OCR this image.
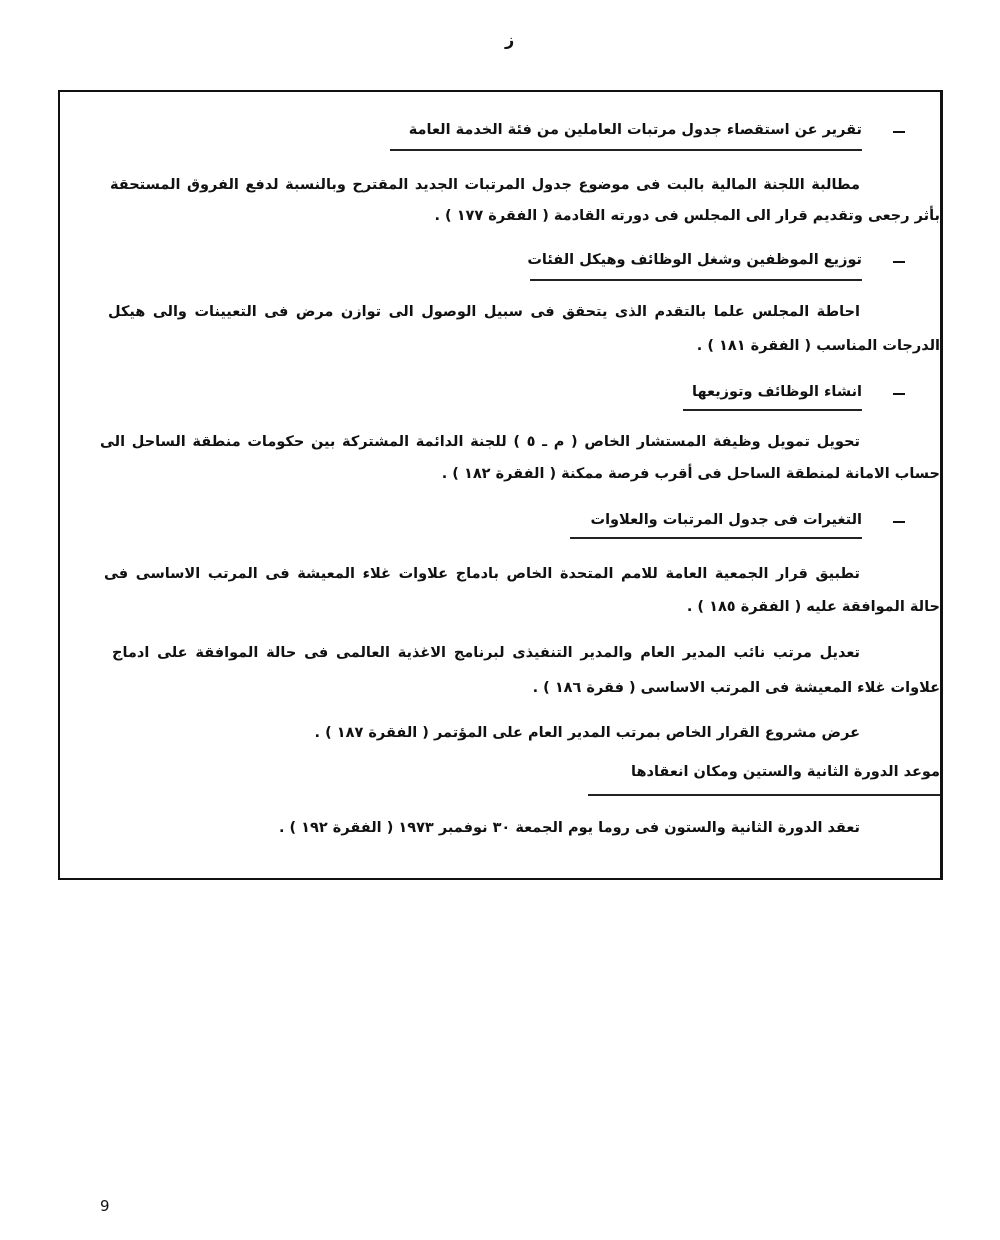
ز
تقرير عن استقصاء جدول مرتبات العاملين من فئة الخدمة العامة
مطالبة اللجنة المالية بالبت فى موضوع جدول المرتبات الجديد المقترح وبالنسبة لدفع الفروق المستحقة
بأثر رجعى وتقديم قرار الى المجلس فى دورته القادمة ( الفقرة ١٧٧ ) .
توزيع الموظفين وشغل الوظائف وهيكل الفئات
احاطة المجلس علما بالتقدم الذى يتحقق فى سبيل الوصول الى توازن مرض فى التعيينات والى هيكل
الدرجات المناسب ( الفقرة ١٨١ ) .
انشاء الوظائف وتوزيعها
تحويل تمويل وظيفة المستشار الخاص ( م ـ ٥ ) للجنة الدائمة المشتركة بين حكومات منطقة الساحل الى
حساب الامانة لمنطقة الساحل فى أقرب فرصة ممكنة ( الفقرة ١٨٢ ) .
التغيرات فى جدول المرتبات والعلاوات
تطبيق قرار الجمعية العامة للامم المتحدة الخاص بادماج علاوات غلاء المعيشة فى المرتب الاساسى فى
حالة الموافقة عليه ( الفقرة ١٨٥ ) .
تعديل مرتب نائب المدير العام والمدير التنفيذى لبرنامج الاغذية العالمى فى حالة الموافقة على ادماج
علاوات غلاء المعيشة فى المرتب الاساسى ( فقرة ١٨٦ ) .
عرض مشروع القرار الخاص بمرتب المدير العام على المؤتمر ( الفقرة ١٨٧ ) .
موعد الدورة الثانية والستين ومكان انعقادها
تعقد الدورة الثانية والستون فى روما يوم الجمعة ٣٠ نوفمبر ١٩٧٣ ( الفقرة ١٩٢ ) .
9
